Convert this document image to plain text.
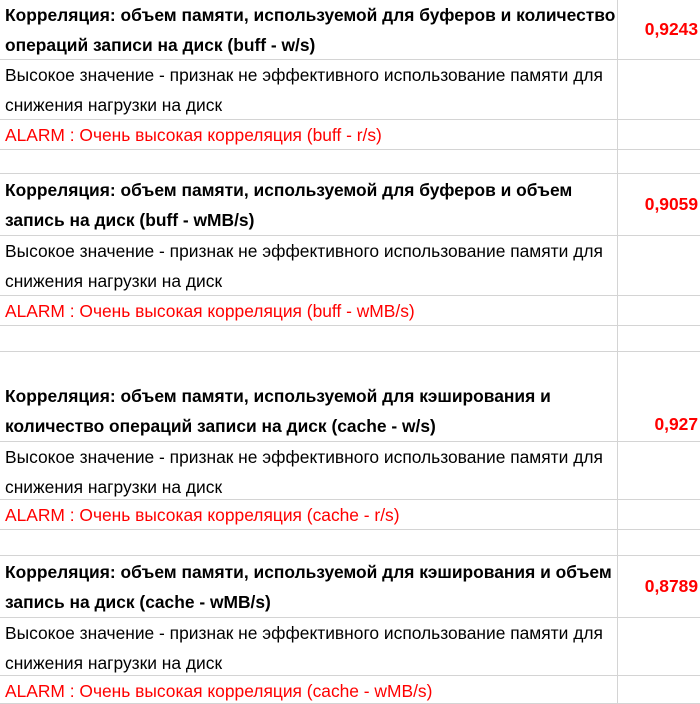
Корреляция: объем памяти, используемой для буферов и количество операций записи на диск (buff - w/s)
0,9243
Высокое значение - признак не эффективного использование памяти для снижения нагрузки на диск
ALARM : Очень высокая корреляция (buff - r/s)
Корреляция: объем памяти, используемой для буферов и объем запись на диск (buff - wMB/s)
0,9059
Высокое значение - признак не эффективного использование памяти для снижения нагрузки на диск
ALARM : Очень высокая корреляция (buff - wMB/s)
Корреляция: объем памяти, используемой для кэширования и количество операций записи на диск (cache - w/s)	0,927
Высокое значение - признак не эффективного использование памяти для снижения нагрузки на диск
ALARM : Очень высокая корреляция (cache - r/s)
Корреляция: объем памяти, используемой для кэширования и объем запись на диск (cache - wMB/s)
0,8789
Высокое значение - признак не эффективного использование памяти для снижения нагрузки на диск
ALARM : Очень высокая корреляция (cache - wMB/s)
